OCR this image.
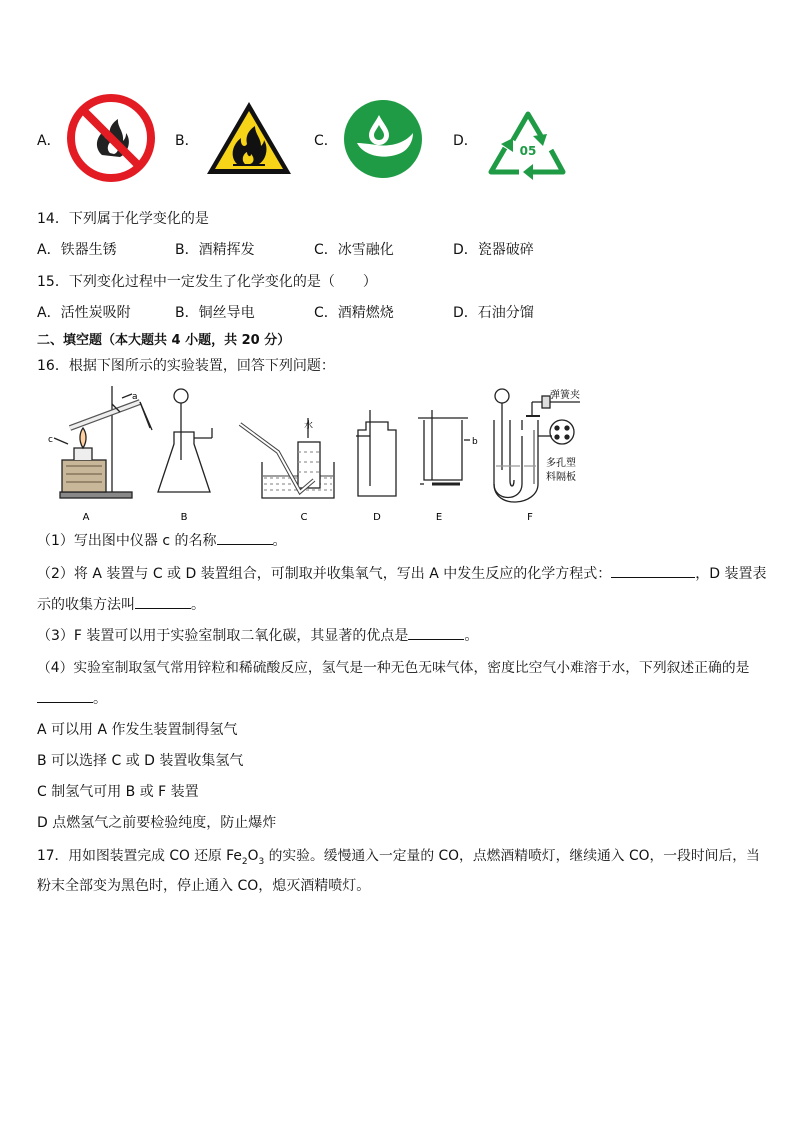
A．	B．	C．	D．
05
14．下列属于化学变化的是
A．铁器生锈	B．酒精挥发	C．冰雪融化	D．瓷器破碎
15．下列变化过程中一定发生了化学变化的是（　　）
A．活性炭吸附	B．铜丝导电	C．酒精燃烧	D．石油分馏
二、填空题（本大题共 4 小题，共 20 分）
16．根据下图所示的实验装置，回答下列问题：
a
c
水
b
弹簧夹
多孔塑
料隔板
A	B	C	D	E	F
（1）写出图中仪器 c 的名称	。
（2）将 A 装置与 C 或 D 装置组合，可制取并收集氧气，写出 A 中发生反应的化学方程式：	，D 装置表
示的收集方法叫	。
（3）F 装置可以用于实验室制取二氧化碳，其显著的优点是	。
（4）实验室制取氢气常用锌粒和稀硫酸反应，氢气是一种无色无味气体，密度比空气小难溶于水，下列叙述正确的是
。
A 可以用 A 作发生装置制得氢气
B 可以选择 C 或 D 装置收集氢气
C 制氢气可用 B 或 F 装置
D 点燃氢气之前要检验纯度，防止爆炸
17．用如图装置完成 CO 还原 $Fe_2O_3$ 的实验。缓慢通入一定量的 CO，点燃酒精喷灯，继续通入 CO，一段时间后，当
粉末全部变为黑色时，停止通入 CO，熄灭酒精喷灯。
